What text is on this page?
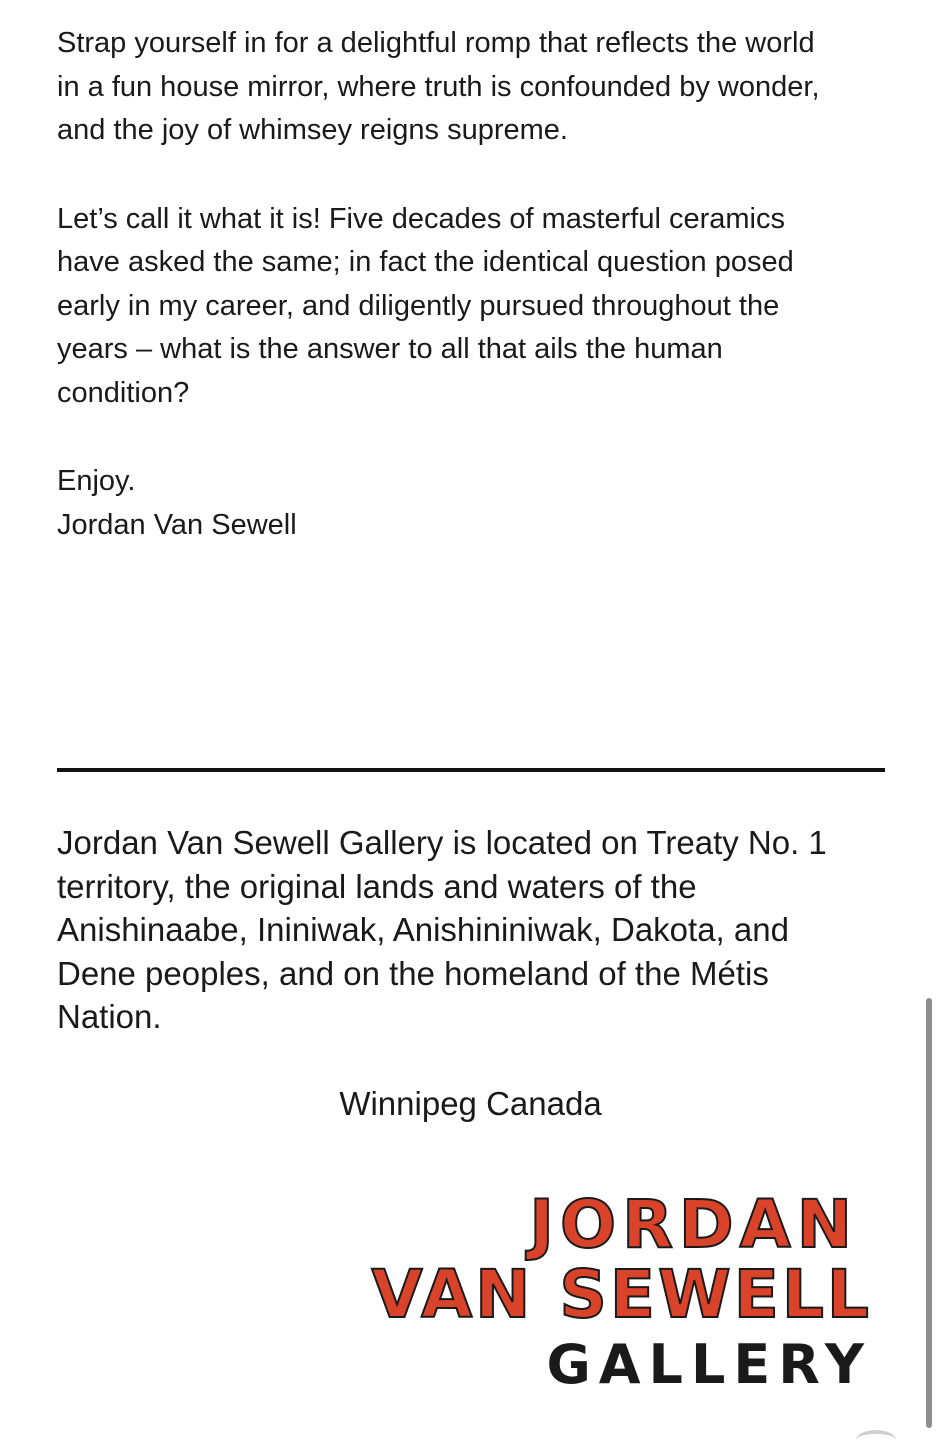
Strap yourself in for a delightful romp that reflects the world
in a fun house mirror, where truth is confounded by wonder,
and the joy of whimsey reigns supreme.

Let’s call it what it is! Five decades of masterful ceramics
have asked the same; in fact the identical question posed
early in my career, and diligently pursued throughout the
years – what is the answer to all that ails the human
condition?

Enjoy.

Jordan Van Sewell

Jordan Van Sewell Gallery is located on Treaty No. 1
territory, the original lands and waters of the
Anishinaabe, Ininiwak, Anishininiwak, Dakota, and
Dene peoples, and on the homeland of the Métis
Nation.

Winnipeg Canada
JORDAN
VAN SEWELL
GALLERY
